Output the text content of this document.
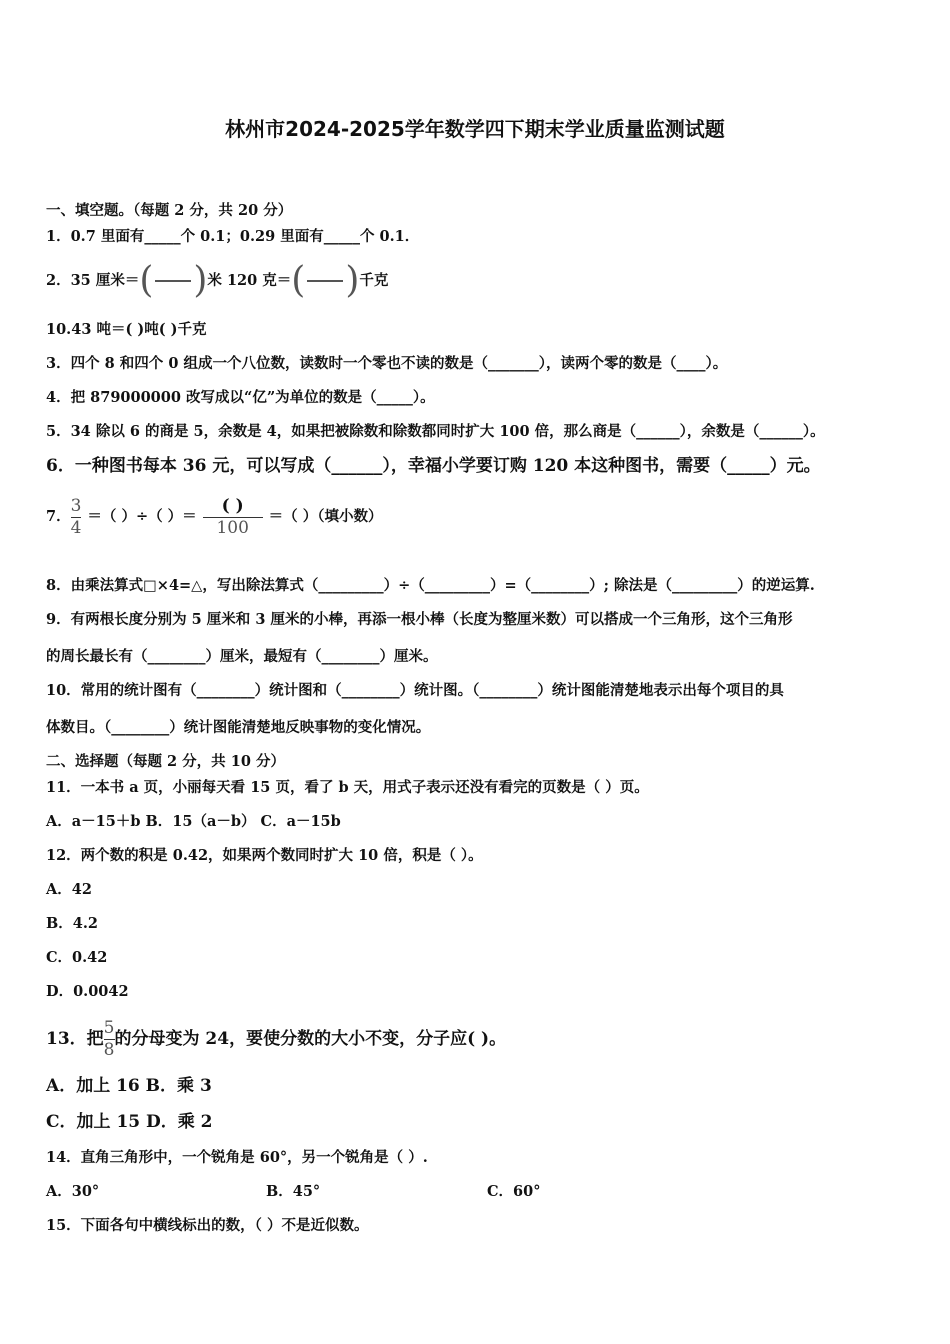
林州市2024-2025学年数学四下期末学业质量监测试题
一、填空题。（每题 2 分，共 20 分）
1．0.7 里面有_____个 0.1；0.29 里面有_____个 0.1．
2．35 厘米＝ ( ) 米 120 克＝ ( ) 千克
10.43 吨＝( )吨( )千克
3．四个 8 和四个 0 组成一个八位数，读数时一个零也不读的数是（_______），读两个零的数是（____）。
4．把 879000000 改写成以“亿”为单位的数是（_____）。
5．34 除以 6 的商是 5，余数是 4，如果把被除数和除数都同时扩大 100 倍，那么商是（______），余数是（______）。
6．一种图书每本 36 元，可以写成（______），幸福小学要订购 120 本这种图书，需要（_____）元。
7． $\frac{3}{4}$ ＝（ ）÷（ ）＝ $\frac{( )}{100}$ ＝（ ）（填小数）
8．由乘法算式□×4=△，写出除法算式（_________）÷（_________）=（________）; 除法是（_________）的逆运算.
9．有两根长度分别为 5 厘米和 3 厘米的小棒，再添一根小棒（长度为整厘米数）可以搭成一个三角形，这个三角形
的周长最长有（________）厘米，最短有（________）厘米。
10．常用的统计图有（________）统计图和（________）统计图。（________）统计图能清楚地表示出每个项目的具
体数目。（________）统计图能清楚地反映事物的变化情况。
二、选择题（每题 2 分，共 10 分）
11．一本书 a 页，小丽每天看 15 页，看了 b 天，用式子表示还没有看完的页数是（ ）页。
A．a－15＋b B．15（a－b） C．a－15b
12．两个数的积是 0.42，如果两个数同时扩大 10 倍，积是（ ）。
A．42
B．4.2
C．0.42
D．0.0042
13．把 $\frac{5}{8}$ 的分母变为 24，要使分数的大小不变，分子应( )。
A．加上 16 B．乘 3
C．加上 15 D．乘 2
14．直角三角形中，一个锐角是 60°，另一个锐角是（ ）.
A．30°	B．45°	C．60°
15．下面各句中横线标出的数，（ ）不是近似数。
